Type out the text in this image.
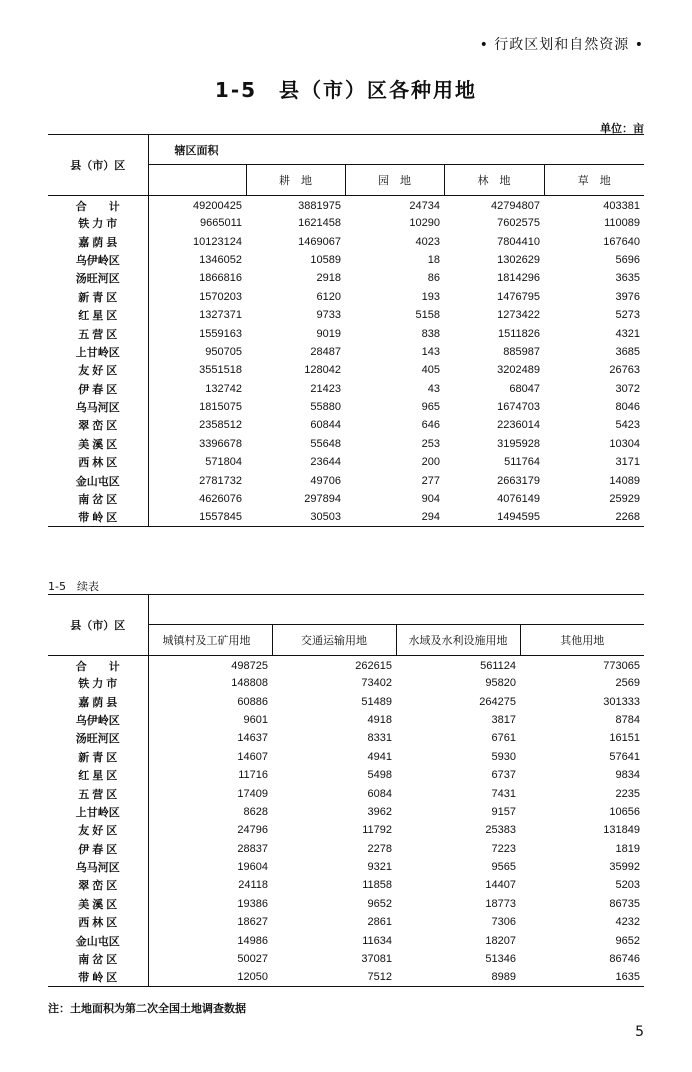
• 行政区划和自然资源 •
1-5　县（市）区各种用地
单位：亩
县（市）区	辖区面积				
		耕　地	园　地	林　地	草　地
合　　计	49200425	3881975	24734	42794807	403381
铁 力 市	9665011	1621458	10290	7602575	110089
嘉 荫 县	10123124	1469067	4023	7804410	167640
乌伊岭区	1346052	10589	18	1302629	5696
汤旺河区	1866816	2918	86	1814296	3635
新 青 区	1570203	6120	193	1476795	3976
红 星 区	1327371	9733	5158	1273422	5273
五 营 区	1559163	9019	838	1511826	4321
上甘岭区	950705	28487	143	885987	3685
友 好 区	3551518	128042	405	3202489	26763
伊 春 区	132742	21423	43	68047	3072
乌马河区	1815075	55880	965	1674703	8046
翠 峦 区	2358512	60844	646	2236014	5423
美 溪 区	3396678	55648	253	3195928	10304
西 林 区	571804	23644	200	511764	3171
金山屯区	2781732	49706	277	2663179	14089
南 岔 区	4626076	297894	904	4076149	25929
带 岭 区	1557845	30503	294	1494595	2268
1-5　续表
县（市）区				
	城镇村及工矿用地	交通运输用地	水域及水利设施用地	其他用地
合　　计	498725	262615	561124	773065
铁 力 市	148808	73402	95820	2569
嘉 荫 县	60886	51489	264275	301333
乌伊岭区	9601	4918	3817	8784
汤旺河区	14637	8331	6761	16151
新 青 区	14607	4941	5930	57641
红 星 区	11716	5498	6737	9834
五 营 区	17409	6084	7431	2235
上甘岭区	8628	3962	9157	10656
友 好 区	24796	11792	25383	131849
伊 春 区	28837	2278	7223	1819
乌马河区	19604	9321	9565	35992
翠 峦 区	24118	11858	14407	5203
美 溪 区	19386	9652	18773	86735
西 林 区	18627	2861	7306	4232
金山屯区	14986	11634	18207	9652
南 岔 区	50027	37081	51346	86746
带 岭 区	12050	7512	8989	1635
注：土地面积为第二次全国土地调查数据
5
